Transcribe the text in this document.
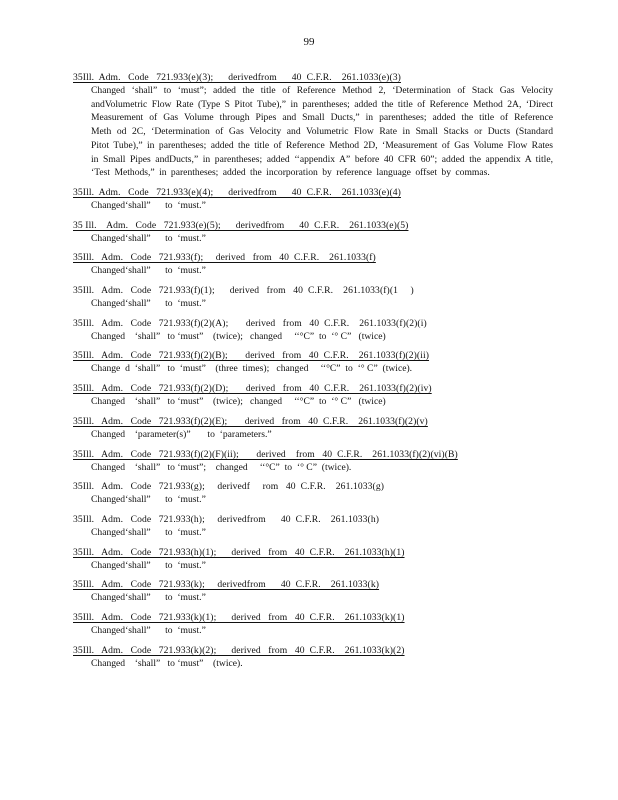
99
35Ill.  Adm.   Code   721.933(e)(3);      derivedfrom      40  C.F.R.    261.1033(e)(3)
Changed ‘shall” to ‘must”; added the title of Reference Method 2, ‘Determination of Stack Gas Velocity andVolumetric Flow Rate (Type S Pitot Tube),” in parentheses; added the title of Reference Method 2A, ‘Direct Measurement of Gas Volume through Pipes and Small Ducts,” in parentheses; added the title of Reference Meth od 2C, ‘Determination of Gas Velocity and Volumetric Flow Rate in Small Stacks or Ducts (Standard Pitot Tube),” in parentheses; added the title of Reference Method 2D, ‘Measurement of Gas Volume Flow Rates in Small Pipes andDucts,” in parentheses; added ‘‘appendix A” before 40 CFR 60”; added the appendix A title, ‘Test Methods,” in parentheses; added the incorporation by reference language offset by commas.
35Ill.  Adm.   Code   721.933(e)(4);      derivedfrom      40  C.F.R.    261.1033(e)(4)
Changed‘shall”      to  ‘must.”
35 Ill.    Adm.   Code   721.933(e)(5);      derivedfrom      40  C.F.R.    261.1033(e)(5)
Changed‘shall”      to  ‘must.”
35Ill.   Adm.   Code   721.933(f);     derived   from   40  C.F.R.    261.1033(f)
Changed‘shall”      to  ‘must.”
35Ill.   Adm.   Code   721.933(f)(1);      derived   from   40  C.F.R.    261.1033(f)(1     )
Changed‘shall”      to  ‘must.”
35Ill.   Adm.   Code   721.933(f)(2)(A);       derived   from   40  C.F.R.    261.1033(f)(2)(i)
Changed    ‘shall”   to ‘must”    (twice);   changed     ‘‘°C”  to  ‘° C”   (twice)
35Ill.   Adm.   Code   721.933(f)(2)(B);       derived   from   40  C.F.R.    261.1033(f)(2)(ii)
Change  d  ‘shall”   to  ‘must”    (three  times);   changed     ‘‘°C”  to  ‘° C”  (twice).
35Ill.   Adm.   Code   721.933(f)(2)(D);       derived   from   40  C.F.R.    261.1033(f)(2)(iv)
Changed    ‘shall”   to ‘must”    (twice);   changed     ‘‘°C”  to  ‘° C”   (twice)
35Ill.   Adm.   Code   721.933(f)(2)(E);       derived   from   40  C.F.R.    261.1033(f)(2)(v)
Changed    ‘parameter(s)”       to  ‘parameters.”
35Ill.   Adm.   Code   721.933(f)(2)(F)(ii);       derived    from   40  C.F.R.    261.1033(f)(2)(vi)(B)
Changed    ‘shall”   to ‘must”;    changed     ‘‘°C”  to  ‘° C”  (twice).
35Ill.   Adm.   Code   721.933(g);     derivedf     rom   40  C.F.R.    261.1033(g)
Changed‘shall”      to  ‘must.”
35Ill.   Adm.   Code   721.933(h);     derivedfrom      40  C.F.R.    261.1033(h)
Changed‘shall”      to  ‘must.”
35Ill.   Adm.   Code   721.933(h)(1);      derived   from   40  C.F.R.    261.1033(h)(1)
Changed‘shall”      to  ‘must.”
35Ill.   Adm.   Code   721.933(k);     derivedfrom      40  C.F.R.    261.1033(k)
Changed‘shall”      to  ‘must.”
35Ill.   Adm.   Code   721.933(k)(1);      derived   from   40  C.F.R.    261.1033(k)(1)
Changed‘shall”      to  ‘must.”
35Ill.   Adm.   Code   721.933(k)(2);      derived   from   40  C.F.R.    261.1033(k)(2)
Changed    ‘shall”   to ‘must”    (twice).
